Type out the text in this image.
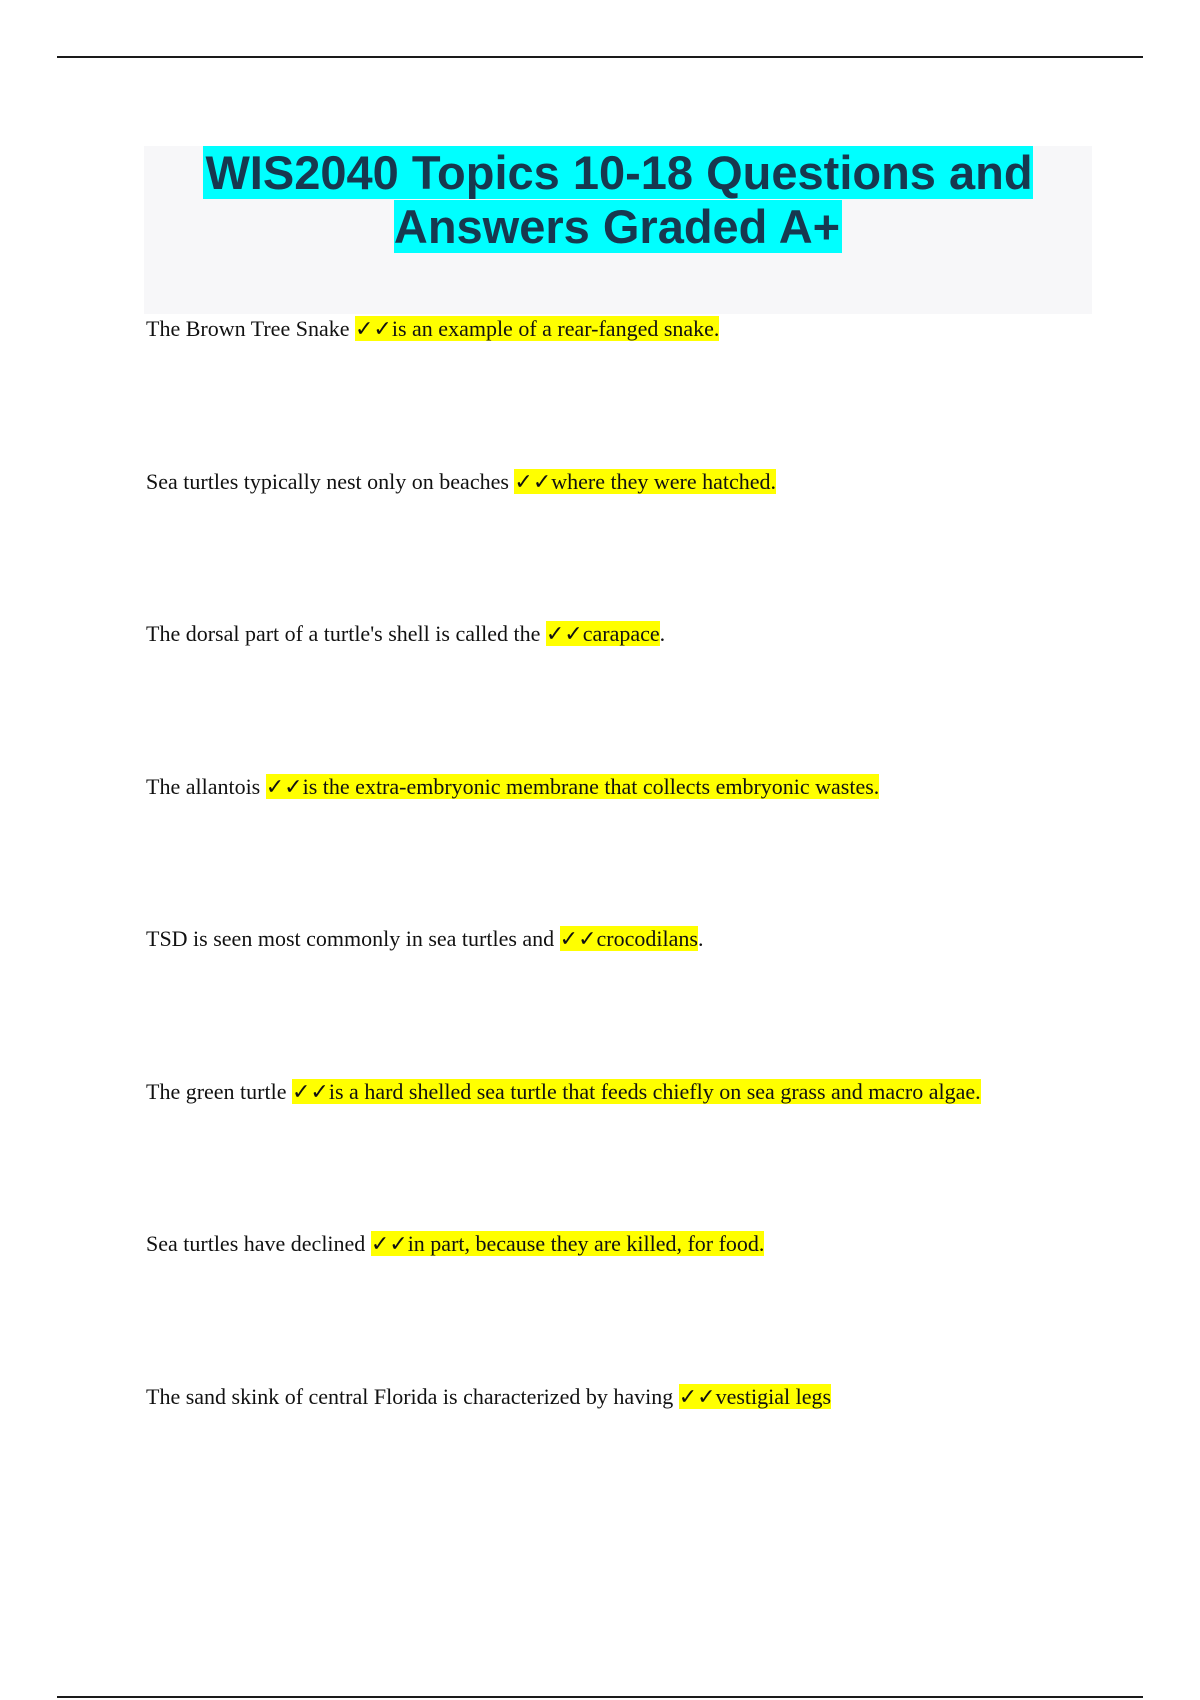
WIS2040 Topics 10-18 Questions and Answers Graded A+
The Brown Tree Snake ✓✓is an example of a rear-fanged snake.
Sea turtles typically nest only on beaches ✓✓where they were hatched.
The dorsal part of a turtle's shell is called the ✓✓carapace.
The allantois ✓✓is the extra-embryonic membrane that collects embryonic wastes.
TSD is seen most commonly in sea turtles and ✓✓crocodilans.
The green turtle ✓✓is a hard shelled sea turtle that feeds chiefly on sea grass and macro algae.
Sea turtles have declined ✓✓in part, because they are killed, for food.
The sand skink of central Florida is characterized by having ✓✓vestigial legs
